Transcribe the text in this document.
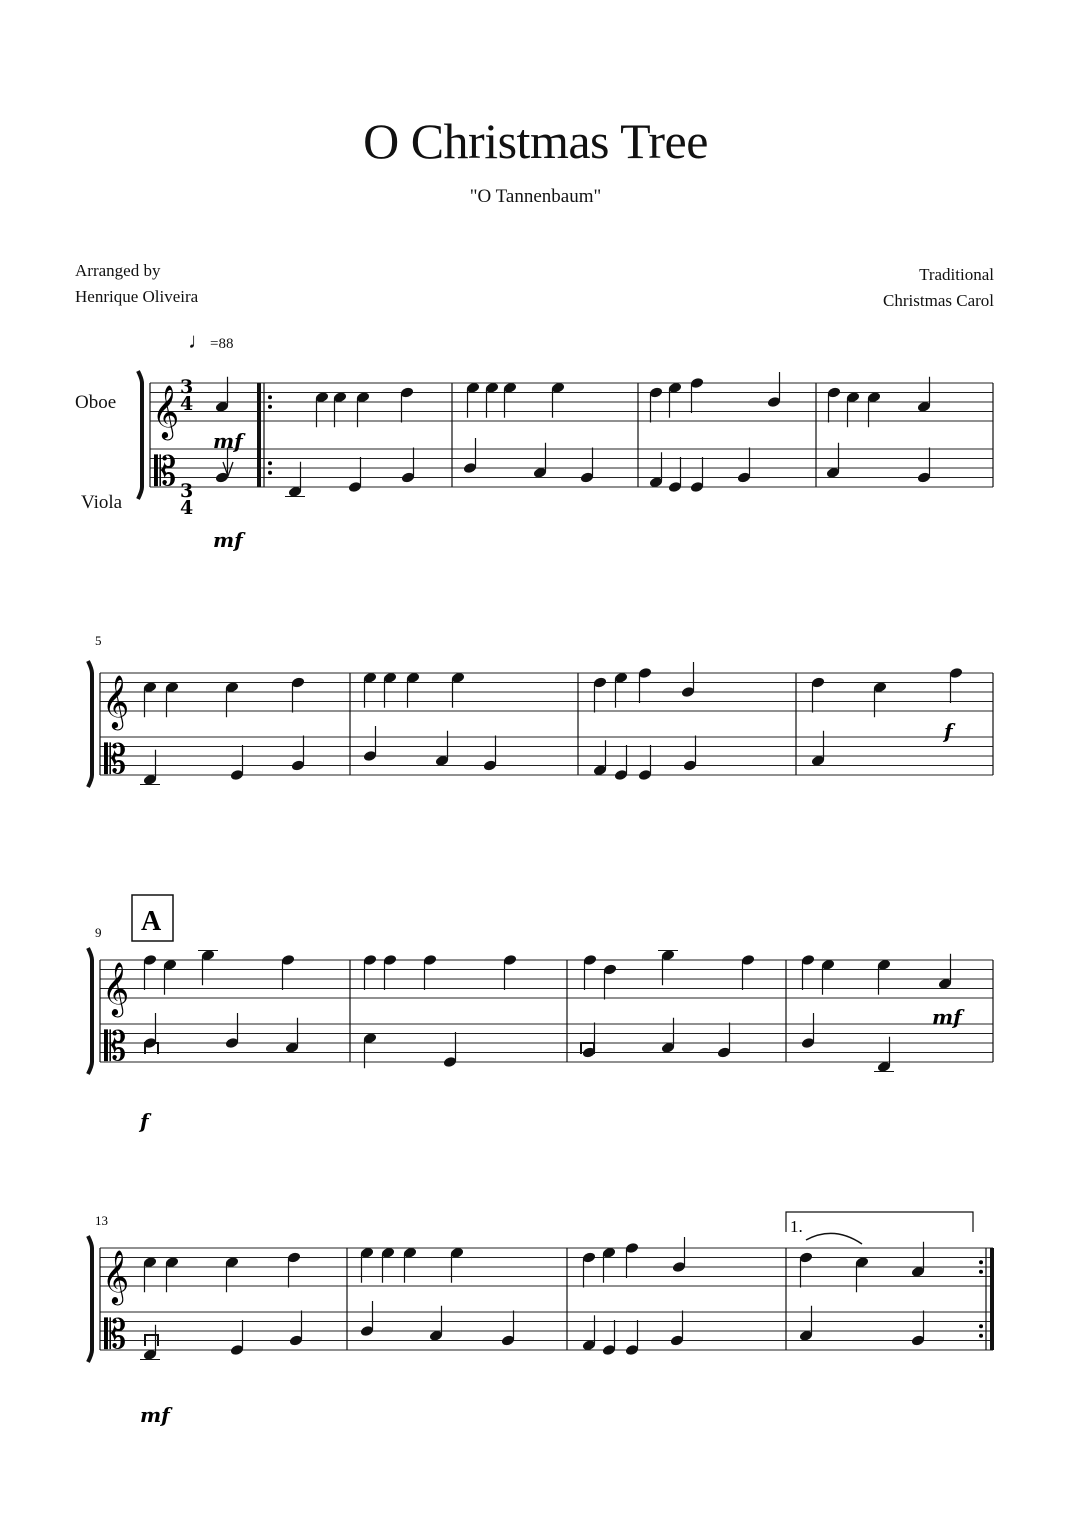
O Christmas Tree
"O Tannenbaum"
Arranged by
Henrique Oliveira
Traditional
Christmas Carol
♩=88
Oboe
Viola
𝄞
𝄡
𝄞
𝄡
𝄞
𝄡
𝄞
𝄡
3
4
3
4
5
9
13
A
1.
mf
mf
f
f
mf
mf
